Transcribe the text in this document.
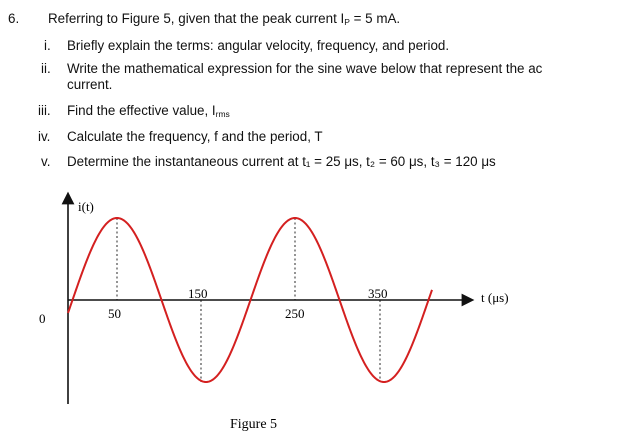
6. Referring to Figure 5, given that the peak current $I_P = 5$ mA.
i. Briefly explain the terms: angular velocity, frequency, and period.
ii. Write the mathematical expression for the sine wave below that represent the ac
current.
iii. Find the effective value, $I_{rms}$
iv. Calculate the frequency, f and the period, T
v. Determine the instantaneous current at t₁ = 25 μs, t₂ = 60 μs, t₃ = 120 μs
i(t)
0	50
150
250
350	t (μs)
Figure 5
